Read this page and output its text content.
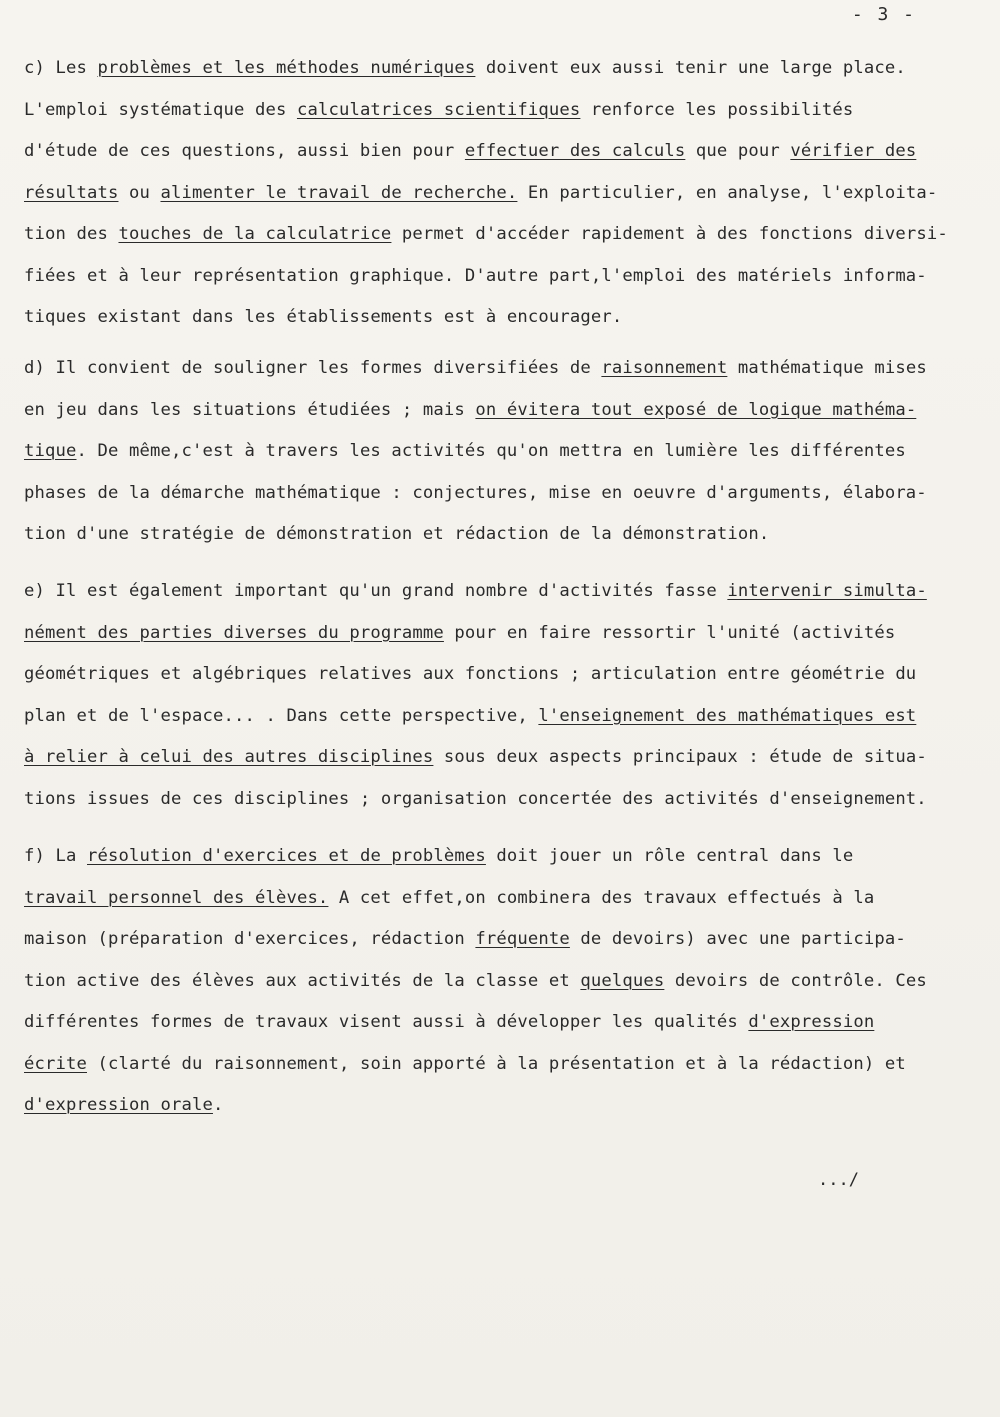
- 3 -
c) Les problèmes et les méthodes numériques doivent eux aussi tenir une large place.
L'emploi systématique des calculatrices scientifiques renforce les possibilités
d'étude de ces questions, aussi bien pour effectuer des calculs que pour vérifier des
résultats ou alimenter le travail de recherche. En particulier, en analyse, l'exploita-
tion des touches de la calculatrice permet d'accéder rapidement à des fonctions diversi-
fiées et à leur représentation graphique. D'autre part,l'emploi des matériels informa-
tiques existant dans les établissements est à encourager.
d) Il convient de souligner les formes diversifiées de raisonnement mathématique mises
en jeu dans les situations étudiées ; mais on évitera tout exposé de logique mathéma-
tique. De même,c'est à travers les activités qu'on mettra en lumière les différentes
phases de la démarche mathématique : conjectures, mise en oeuvre d'arguments, élabora-
tion d'une stratégie de démonstration et rédaction de la démonstration.
e) Il est également important qu'un grand nombre d'activités fasse intervenir simulta-
nément des parties diverses du programme pour en faire ressortir l'unité (activités
géométriques et algébriques relatives aux fonctions ; articulation entre géométrie du
plan et de l'espace... . Dans cette perspective, l'enseignement des mathématiques est
à relier à celui des autres disciplines sous deux aspects principaux : étude de situa-
tions issues de ces disciplines ; organisation concertée des activités d'enseignement.
f) La résolution d'exercices et de problèmes doit jouer un rôle central dans le
travail personnel des élèves. A cet effet,on combinera des travaux effectués à la
maison (préparation d'exercices, rédaction fréquente de devoirs) avec une participa-
tion active des élèves aux activités de la classe et quelques devoirs de contrôle. Ces
différentes formes de travaux visent aussi à développer les qualités d'expression
écrite (clarté du raisonnement, soin apporté à la présentation et à la rédaction) et
d'expression orale.
.../
